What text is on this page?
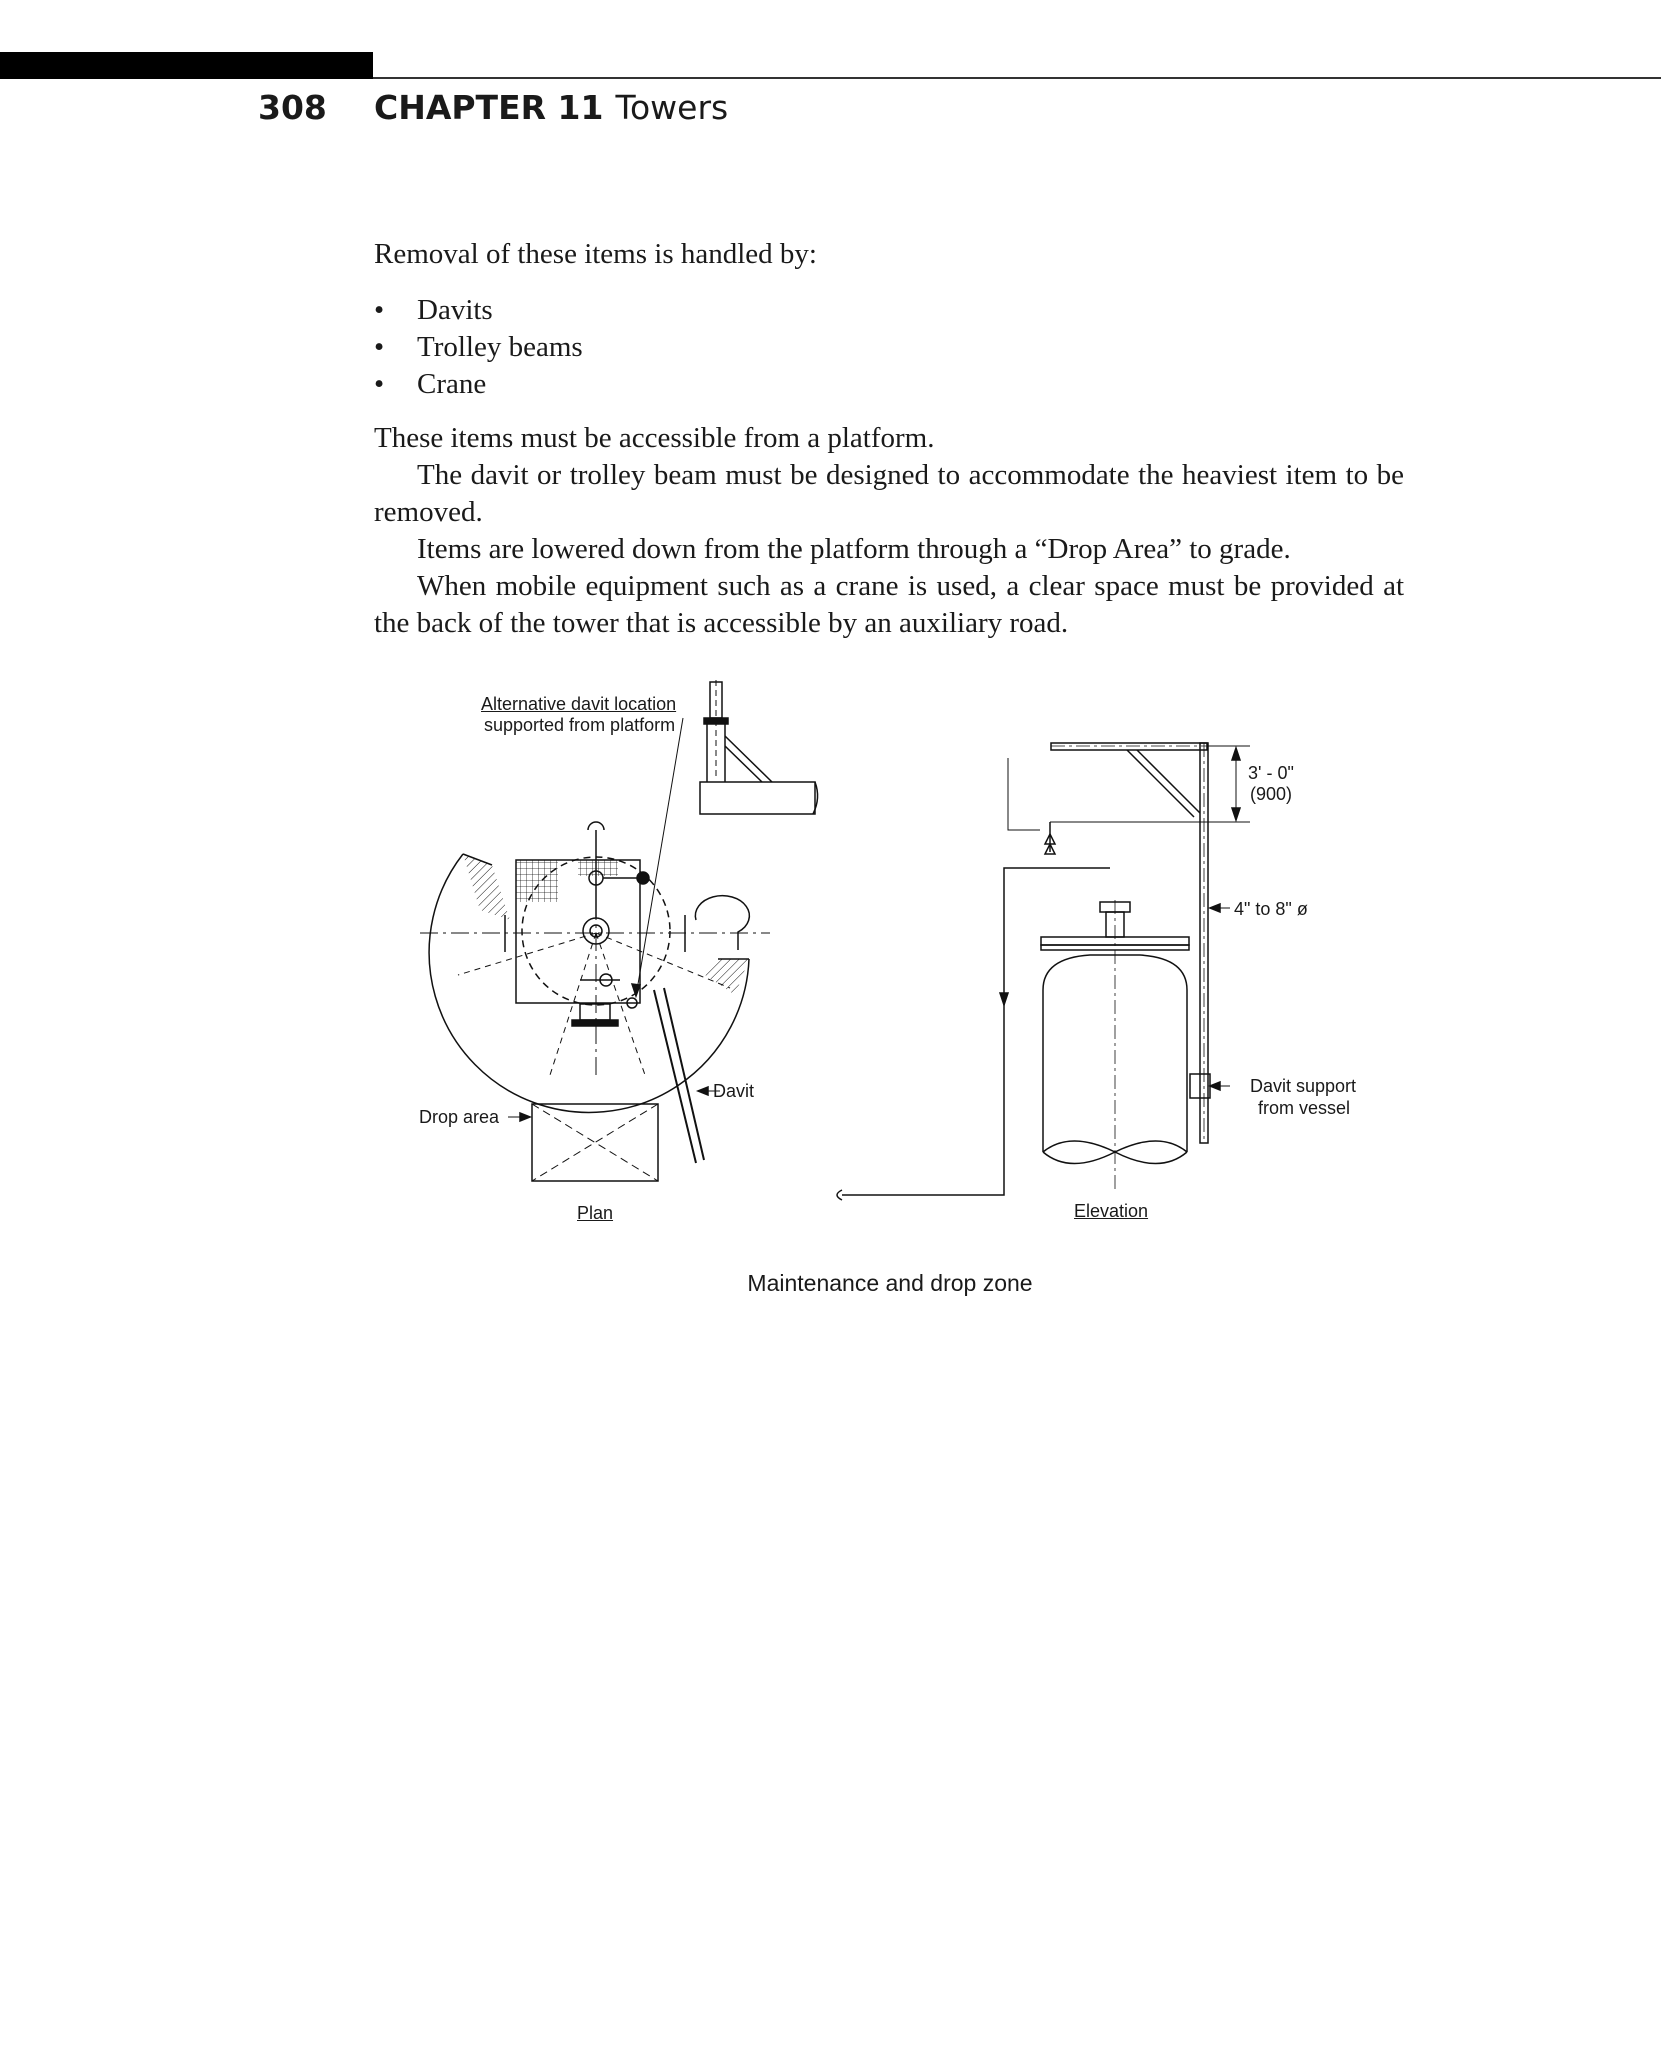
308 CHAPTER 11 Towers

Removal of these items is handled by:

• Davits
• Trolley beams
• Crane

These items must be accessible from a platform.

The davit or trolley beam must be designed to accommodate the heaviest item to be removed.

Items are lowered down from the platform through a “Drop Area” to grade.

When mobile equipment such as a crane is used, a clear space must be provided at the back of the tower that is accessible by an auxiliary road.

Alternative davit location
supported from platform
Drop area
Davit
Plan
3' - 0"
(900)
4" to 8" ø
Davit support
from vessel
Elevation
Maintenance and drop zone
